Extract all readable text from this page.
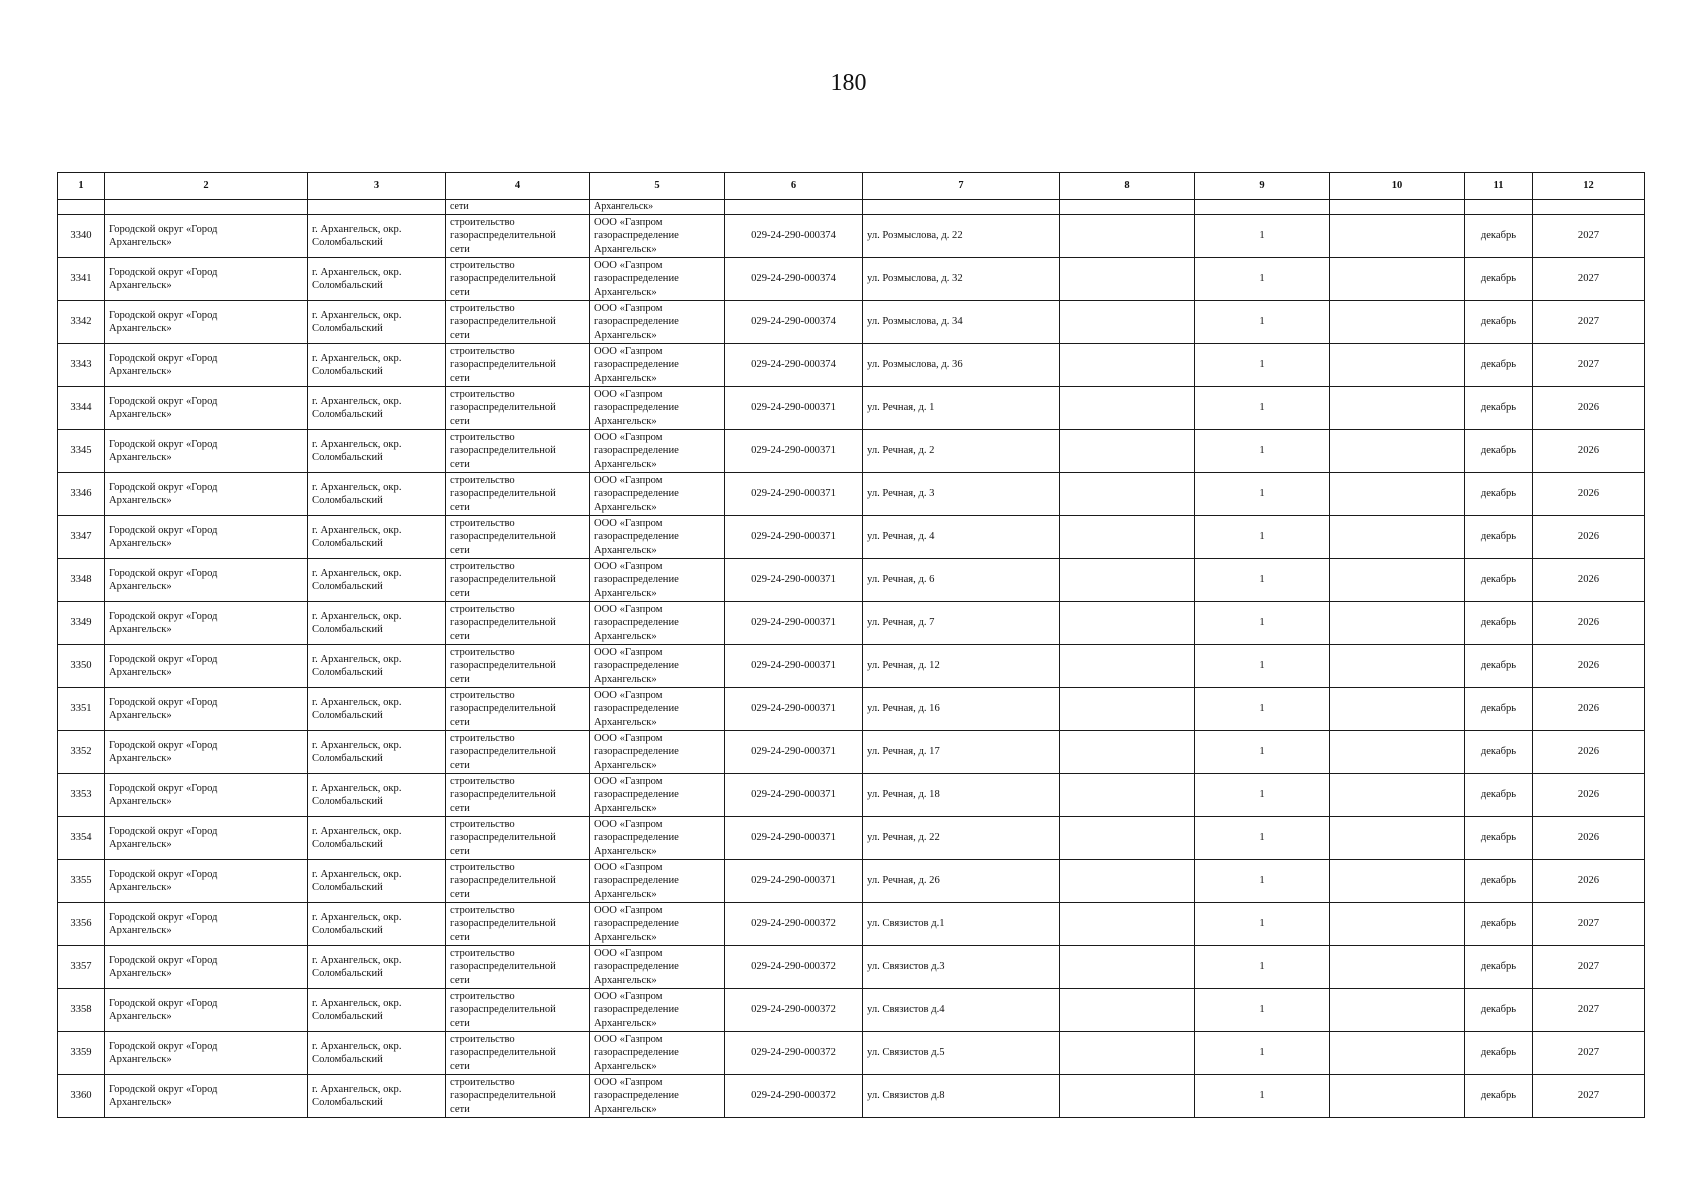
180
1	2	3	4	5	6	7	8	9	10	11	12
			сети	Архангельск»							
3340	Городской округ «Город
Архангельск»	г. Архангельск, окр.
Соломбальский	строительство
газораспределительной
сети	ООО «Газпром
газораспределение
Архангельск»	029-24-290-000374	ул. Розмыслова, д. 22		1		декабрь	2027
3341	Городской округ «Город
Архангельск»	г. Архангельск, окр.
Соломбальский	строительство
газораспределительной
сети	ООО «Газпром
газораспределение
Архангельск»	029-24-290-000374	ул. Розмыслова, д. 32		1		декабрь	2027
3342	Городской округ «Город
Архангельск»	г. Архангельск, окр.
Соломбальский	строительство
газораспределительной
сети	ООО «Газпром
газораспределение
Архангельск»	029-24-290-000374	ул. Розмыслова, д. 34		1		декабрь	2027
3343	Городской округ «Город
Архангельск»	г. Архангельск, окр.
Соломбальский	строительство
газораспределительной
сети	ООО «Газпром
газораспределение
Архангельск»	029-24-290-000374	ул. Розмыслова, д. 36		1		декабрь	2027
3344	Городской округ «Город
Архангельск»	г. Архангельск, окр.
Соломбальский	строительство
газораспределительной
сети	ООО «Газпром
газораспределение
Архангельск»	029-24-290-000371	ул. Речная, д. 1		1		декабрь	2026
3345	Городской округ «Город
Архангельск»	г. Архангельск, окр.
Соломбальский	строительство
газораспределительной
сети	ООО «Газпром
газораспределение
Архангельск»	029-24-290-000371	ул. Речная, д. 2		1		декабрь	2026
3346	Городской округ «Город
Архангельск»	г. Архангельск, окр.
Соломбальский	строительство
газораспределительной
сети	ООО «Газпром
газораспределение
Архангельск»	029-24-290-000371	ул. Речная, д. 3		1		декабрь	2026
3347	Городской округ «Город
Архангельск»	г. Архангельск, окр.
Соломбальский	строительство
газораспределительной
сети	ООО «Газпром
газораспределение
Архангельск»	029-24-290-000371	ул. Речная, д. 4		1		декабрь	2026
3348	Городской округ «Город
Архангельск»	г. Архангельск, окр.
Соломбальский	строительство
газораспределительной
сети	ООО «Газпром
газораспределение
Архангельск»	029-24-290-000371	ул. Речная, д. 6		1		декабрь	2026
3349	Городской округ «Город
Архангельск»	г. Архангельск, окр.
Соломбальский	строительство
газораспределительной
сети	ООО «Газпром
газораспределение
Архангельск»	029-24-290-000371	ул. Речная, д. 7		1		декабрь	2026
3350	Городской округ «Город
Архангельск»	г. Архангельск, окр.
Соломбальский	строительство
газораспределительной
сети	ООО «Газпром
газораспределение
Архангельск»	029-24-290-000371	ул. Речная, д. 12		1		декабрь	2026
3351	Городской округ «Город
Архангельск»	г. Архангельск, окр.
Соломбальский	строительство
газораспределительной
сети	ООО «Газпром
газораспределение
Архангельск»	029-24-290-000371	ул. Речная, д. 16		1		декабрь	2026
3352	Городской округ «Город
Архангельск»	г. Архангельск, окр.
Соломбальский	строительство
газораспределительной
сети	ООО «Газпром
газораспределение
Архангельск»	029-24-290-000371	ул. Речная, д. 17		1		декабрь	2026
3353	Городской округ «Город
Архангельск»	г. Архангельск, окр.
Соломбальский	строительство
газораспределительной
сети	ООО «Газпром
газораспределение
Архангельск»	029-24-290-000371	ул. Речная, д. 18		1		декабрь	2026
3354	Городской округ «Город
Архангельск»	г. Архангельск, окр.
Соломбальский	строительство
газораспределительной
сети	ООО «Газпром
газораспределение
Архангельск»	029-24-290-000371	ул. Речная, д. 22		1		декабрь	2026
3355	Городской округ «Город
Архангельск»	г. Архангельск, окр.
Соломбальский	строительство
газораспределительной
сети	ООО «Газпром
газораспределение
Архангельск»	029-24-290-000371	ул. Речная, д. 26		1		декабрь	2026
3356	Городской округ «Город
Архангельск»	г. Архангельск, окр.
Соломбальский	строительство
газораспределительной
сети	ООО «Газпром
газораспределение
Архангельск»	029-24-290-000372	ул. Связистов д.1		1		декабрь	2027
3357	Городской округ «Город
Архангельск»	г. Архангельск, окр.
Соломбальский	строительство
газораспределительной
сети	ООО «Газпром
газораспределение
Архангельск»	029-24-290-000372	ул. Связистов д.3		1		декабрь	2027
3358	Городской округ «Город
Архангельск»	г. Архангельск, окр.
Соломбальский	строительство
газораспределительной
сети	ООО «Газпром
газораспределение
Архангельск»	029-24-290-000372	ул. Связистов д.4		1		декабрь	2027
3359	Городской округ «Город
Архангельск»	г. Архангельск, окр.
Соломбальский	строительство
газораспределительной
сети	ООО «Газпром
газораспределение
Архангельск»	029-24-290-000372	ул. Связистов д.5		1		декабрь	2027
3360	Городской округ «Город
Архангельск»	г. Архангельск, окр.
Соломбальский	строительство
газораспределительной
сети	ООО «Газпром
газораспределение
Архангельск»	029-24-290-000372	ул. Связистов д.8		1		декабрь	2027
